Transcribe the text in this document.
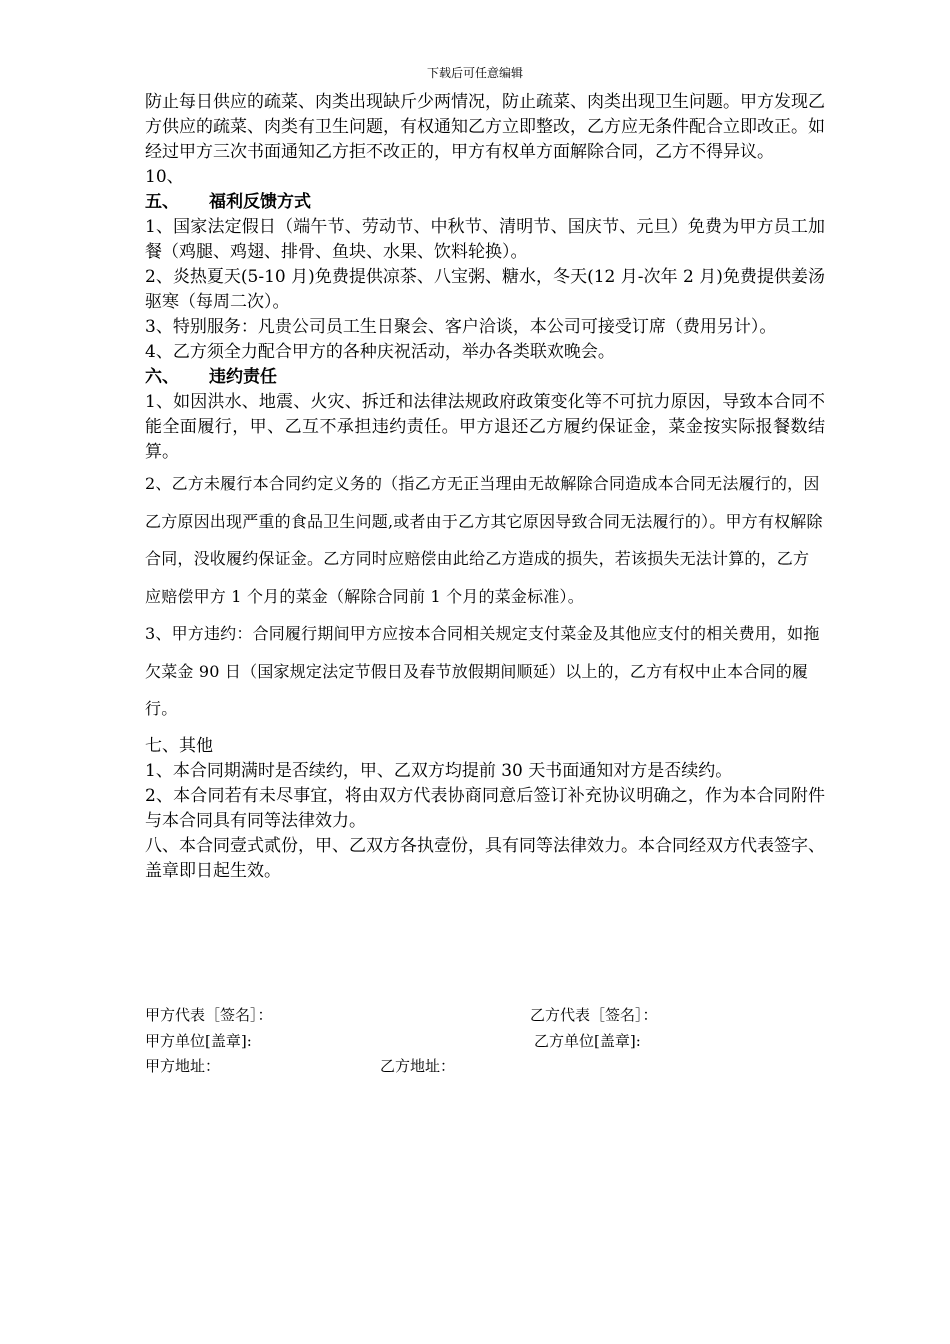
下载后可任意编辑

防止每日供应的疏菜、肉类出现缺斤少两情况，防止疏菜、肉类出现卫生问题。甲方发现乙方供应的疏菜、肉类有卫生问题，有权通知乙方立即整改，乙方应无条件配合立即改正。如经过甲方三次书面通知乙方拒不改正的，甲方有权单方面解除合同，乙方不得异议。

10、

五、 福利反馈方式

1、国家法定假日（端午节、劳动节、中秋节、清明节、国庆节、元旦）免费为甲方员工加餐（鸡腿、鸡翅、排骨、鱼块、水果、饮料轮换）。

2、炎热夏天(5-10 月)免费提供凉茶、八宝粥、糖水，冬天(12 月-次年 2 月)免费提供姜汤驱寒（每周二次）。

3、特别服务：凡贵公司员工生日聚会、客户洽谈，本公司可接受订席（费用另计）。

4、乙方须全力配合甲方的各种庆祝活动，举办各类联欢晚会。

六、 违约责任

1、如因洪水、地震、火灾、拆迁和法律法规政府政策变化等不可抗力原因，导致本合同不能全面履行，甲、乙互不承担违约责任。甲方退还乙方履约保证金，菜金按实际报餐数结算。

2、乙方未履行本合同约定义务的（指乙方无正当理由无故解除合同造成本合同无法履行的，因乙方原因出现严重的食品卫生问题,或者由于乙方其它原因导致合同无法履行的）。甲方有权解除合同，没收履约保证金。乙方同时应赔偿由此给乙方造成的损失，若该损失无法计算的，乙方应赔偿甲方 1 个月的菜金（解除合同前 1 个月的菜金标准）。

3、甲方违约：合同履行期间甲方应按本合同相关规定支付菜金及其他应支付的相关费用，如拖欠菜金 90 日（国家规定法定节假日及春节放假期间顺延）以上的，乙方有权中止本合同的履行。

七、其他

1、本合同期满时是否续约，甲、乙双方均提前 30 天书面通知对方是否续约。

2、本合同若有未尽事宜，将由双方代表协商同意后签订补充协议明确之，作为本合同附件与本合同具有同等法律效力。

八、本合同壹式贰份，甲、乙双方各执壹份，具有同等法律效力。本合同经双方代表签字、盖章即日起生效。

甲方代表［签名］：	乙方代表［签名］：
甲方单位[盖章]:	乙方单位[盖章]:
甲方地址：	乙方地址：
